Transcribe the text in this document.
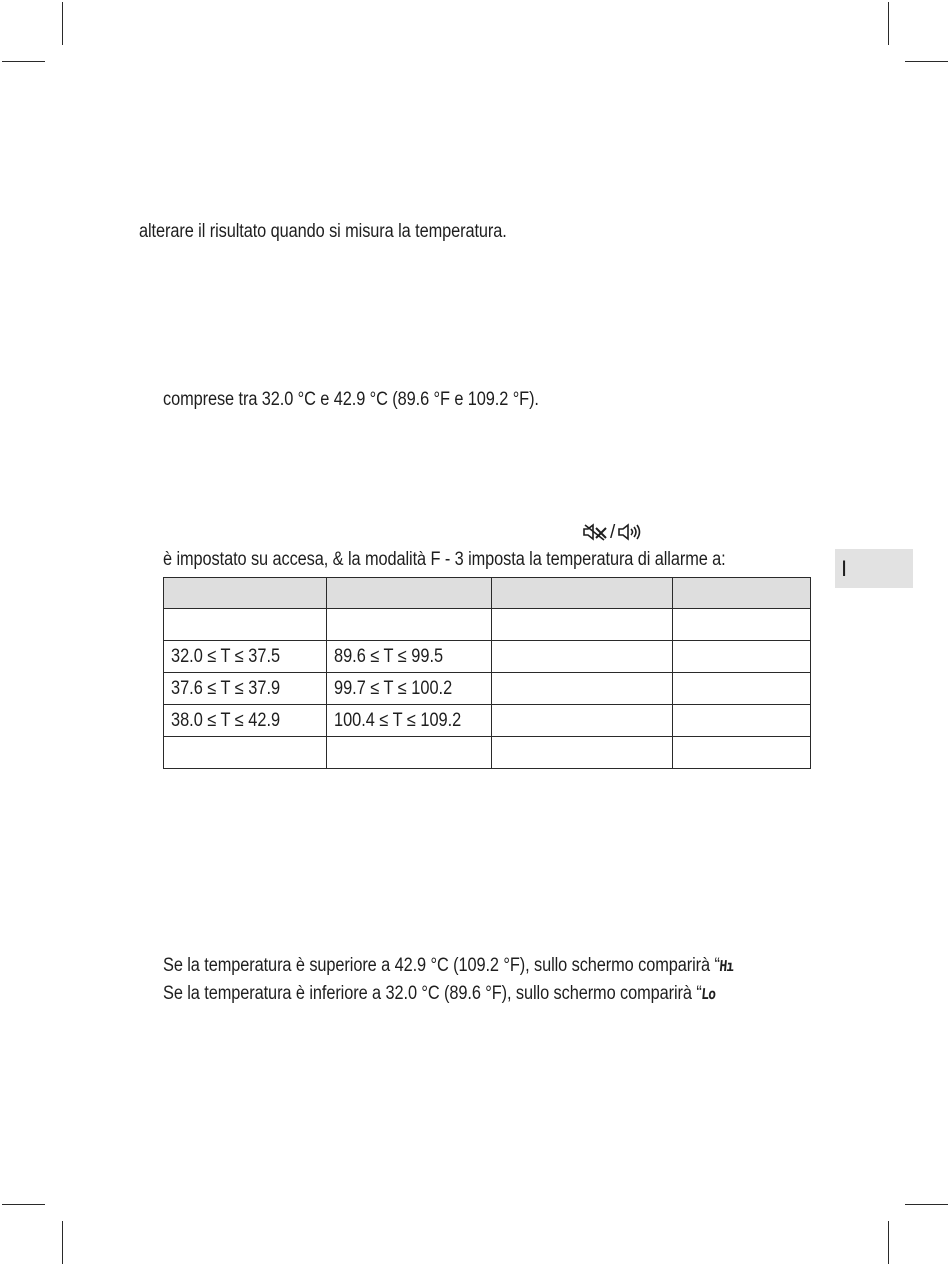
alterare il risultato quando si misura la temperatura.
comprese tra 32.0 °C e 42.9 °C (89.6 °F e 109.2 °F).
/
è impostato su accesa, & la modalità F - 3 imposta la temperatura di allarme a:	I

32.0 ≤ T ≤ 37.5	89.6 ≤ T ≤ 99.5		
37.6 ≤ T ≤ 37.9	99.7 ≤ T ≤ 100.2		
38.0 ≤ T ≤ 42.9	100.4 ≤ T ≤ 109.2		

Se la temperatura è superiore a 42.9 °C (109.2 °F), sullo schermo comparirà “Hı
Se la temperatura è inferiore a 32.0 °C (89.6 °F), sullo schermo comparirà “Lo
